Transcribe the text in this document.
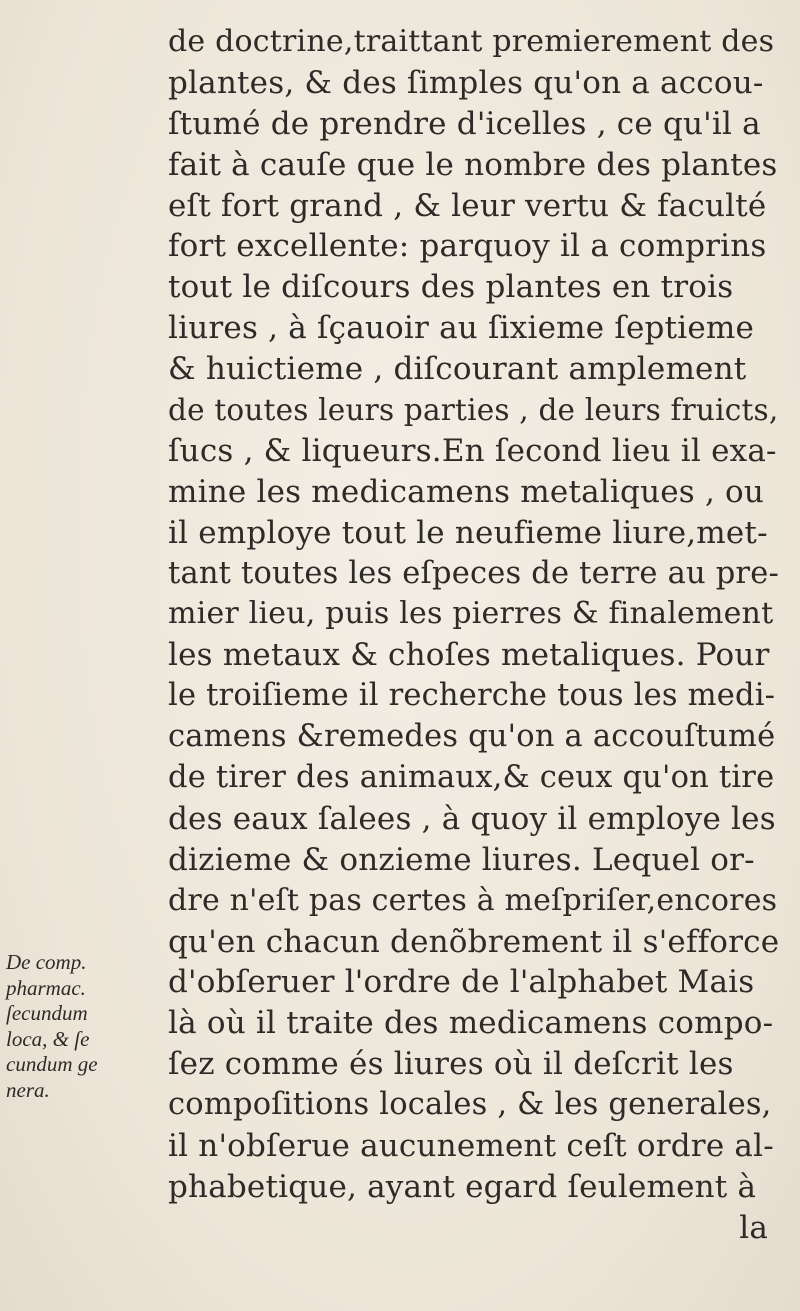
de doctrine,traittant premierement des
plantes, & des ſimples qu'on a accou-
ſtumé de prendre d'icelles , ce qu'il a
fait à cauſe que le nombre des plantes
eſt fort grand , & leur vertu & faculté
fort excellente: parquoy il a comprins
tout le diſcours des plantes en trois
liures , à ſçauoir au ſixieme ſeptieme
& huictieme , diſcourant amplement
de toutes leurs parties , de leurs fruicts,
ſucs , & liqueurs.En ſecond lieu il exa-
mine les medicamens metaliques , ou
il employe tout le neufieme liure,met-
tant toutes les eſpeces de terre au pre-
mier lieu, puis les pierres & finalement
les metaux & choſes metaliques. Pour
le troiſieme il recherche tous les medi-
camens &remedes qu'on a accouſtumé
de tirer des animaux,& ceux qu'on tire
des eaux ſalees , à quoy il employe les
dizieme & onzieme liures. Lequel or-
dre n'eſt pas certes à meſpriſer,encores
qu'en chacun denõbrement il s'efforce
d'obſeruer l'ordre de l'alphabet Mais
là où il traite des medicamens compo-
ſez comme és liures où il deſcrit les
compoſitions locales , & les generales,
il n'obſerue aucunement ceſt ordre al-
phabetique, ayant egard ſeulement à
la
De comp.
pharmac.
ſecundum
loca, & ſe
cundum ge
nera.
